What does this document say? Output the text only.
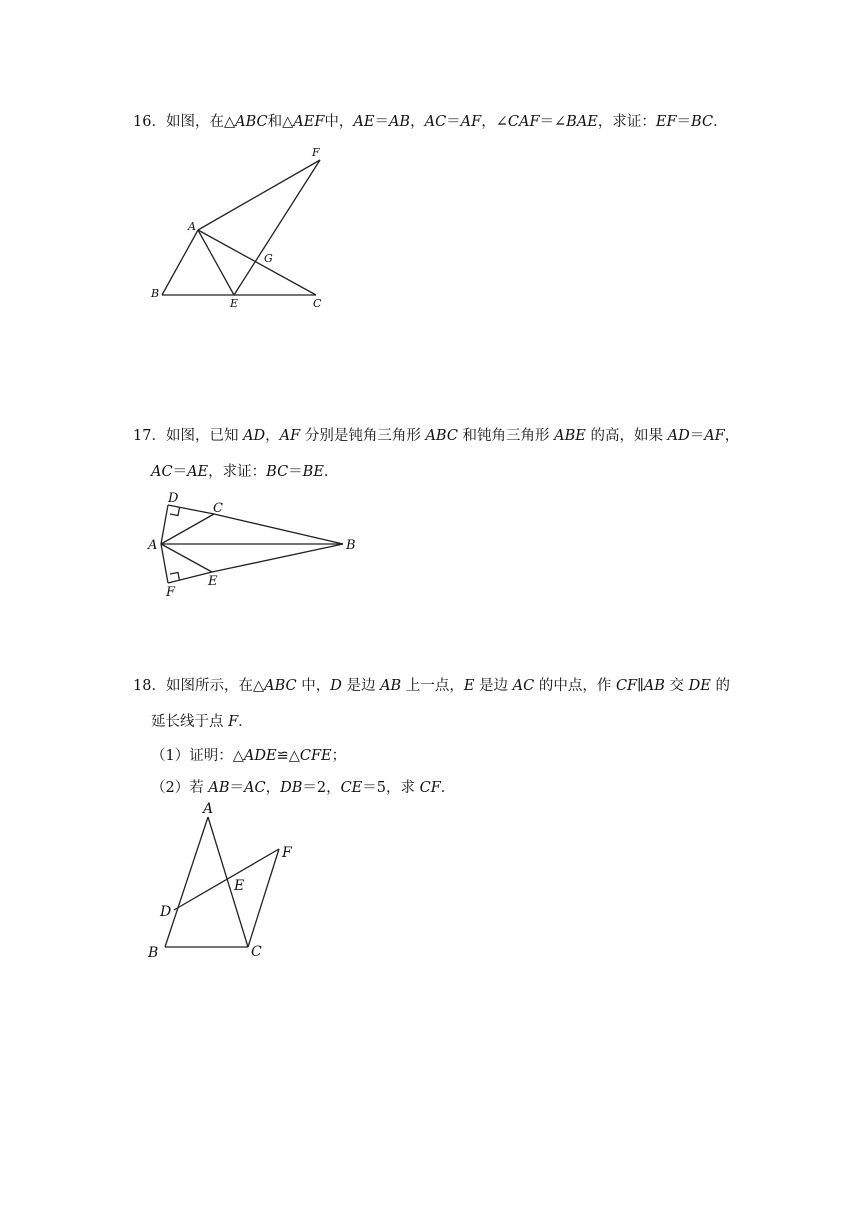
16．如图，在△ABC和△AEF中，AE＝AB，AC＝AF，∠CAF＝∠BAE，求证：EF＝BC．

F
A
G
B
E	C

17．如图，已知 AD，AF 分别是钝角三角形 ABC 和钝角三角形 ABE 的高，如果 AD＝AF，

AC＝AE，求证：BC＝BE．

D
C
A	B
F
E

18．如图所示，在△ABC 中，D 是边 AB 上一点，E 是边 AC 的中点，作 CF∥AB 交 DE 的

延长线于点 F．

（1）证明：△ADE≌△CFE；

（2）若 AB＝AC，DB＝2，CE＝5，求 CF．

A
F
E
D
B	C
